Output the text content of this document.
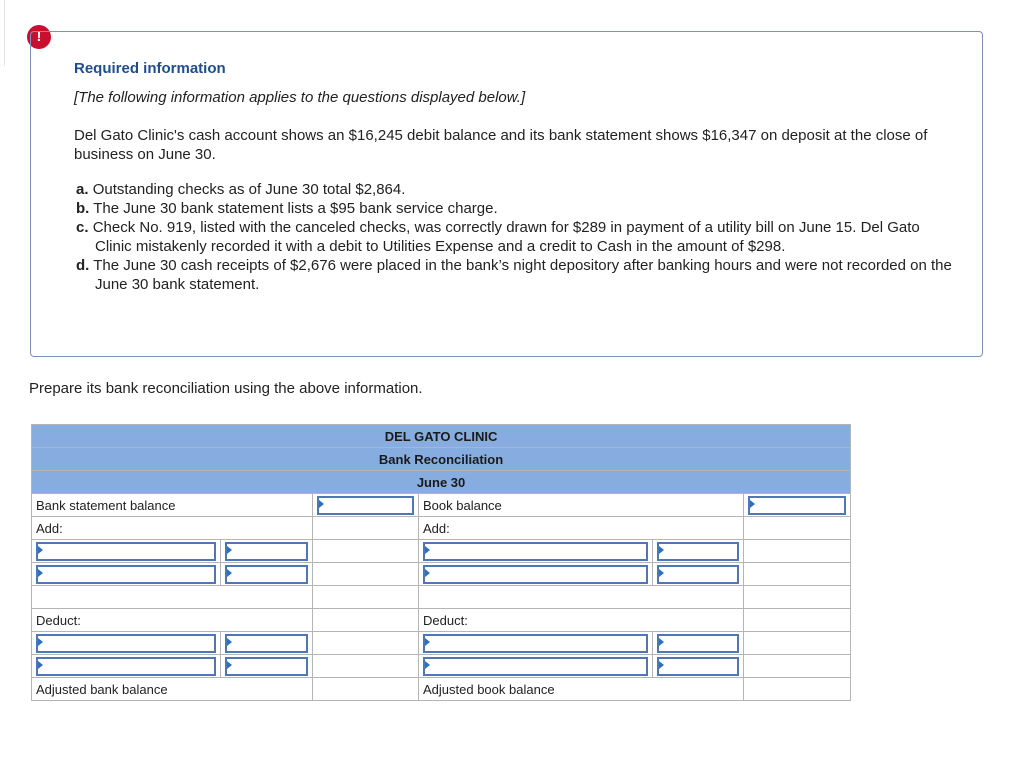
!
Required information
[The following information applies to the questions displayed below.]
Del Gato Clinic's cash account shows an $16,245 debit balance and its bank statement shows $16,347 on deposit at the close of business on June 30.
a. Outstanding checks as of June 30 total $2,864.
b. The June 30 bank statement lists a $95 bank service charge.
c. Check No. 919, listed with the canceled checks, was correctly drawn for $289 in payment of a utility bill on June 15. Del Gato Clinic mistakenly recorded it with a debit to Utilities Expense and a credit to Cash in the amount of $298.
d. The June 30 cash receipts of $2,676 were placed in the bank’s night depository after banking hours and were not recorded on the June 30 bank statement.
Prepare its bank reconciliation using the above information.
DEL GATO CLINIC					
Bank Reconciliation					
June 30					
Bank statement balance			Book balance		

Add:			Add:		

Deduct:			Deduct:		

Adjusted bank balance			Adjusted book balance		
